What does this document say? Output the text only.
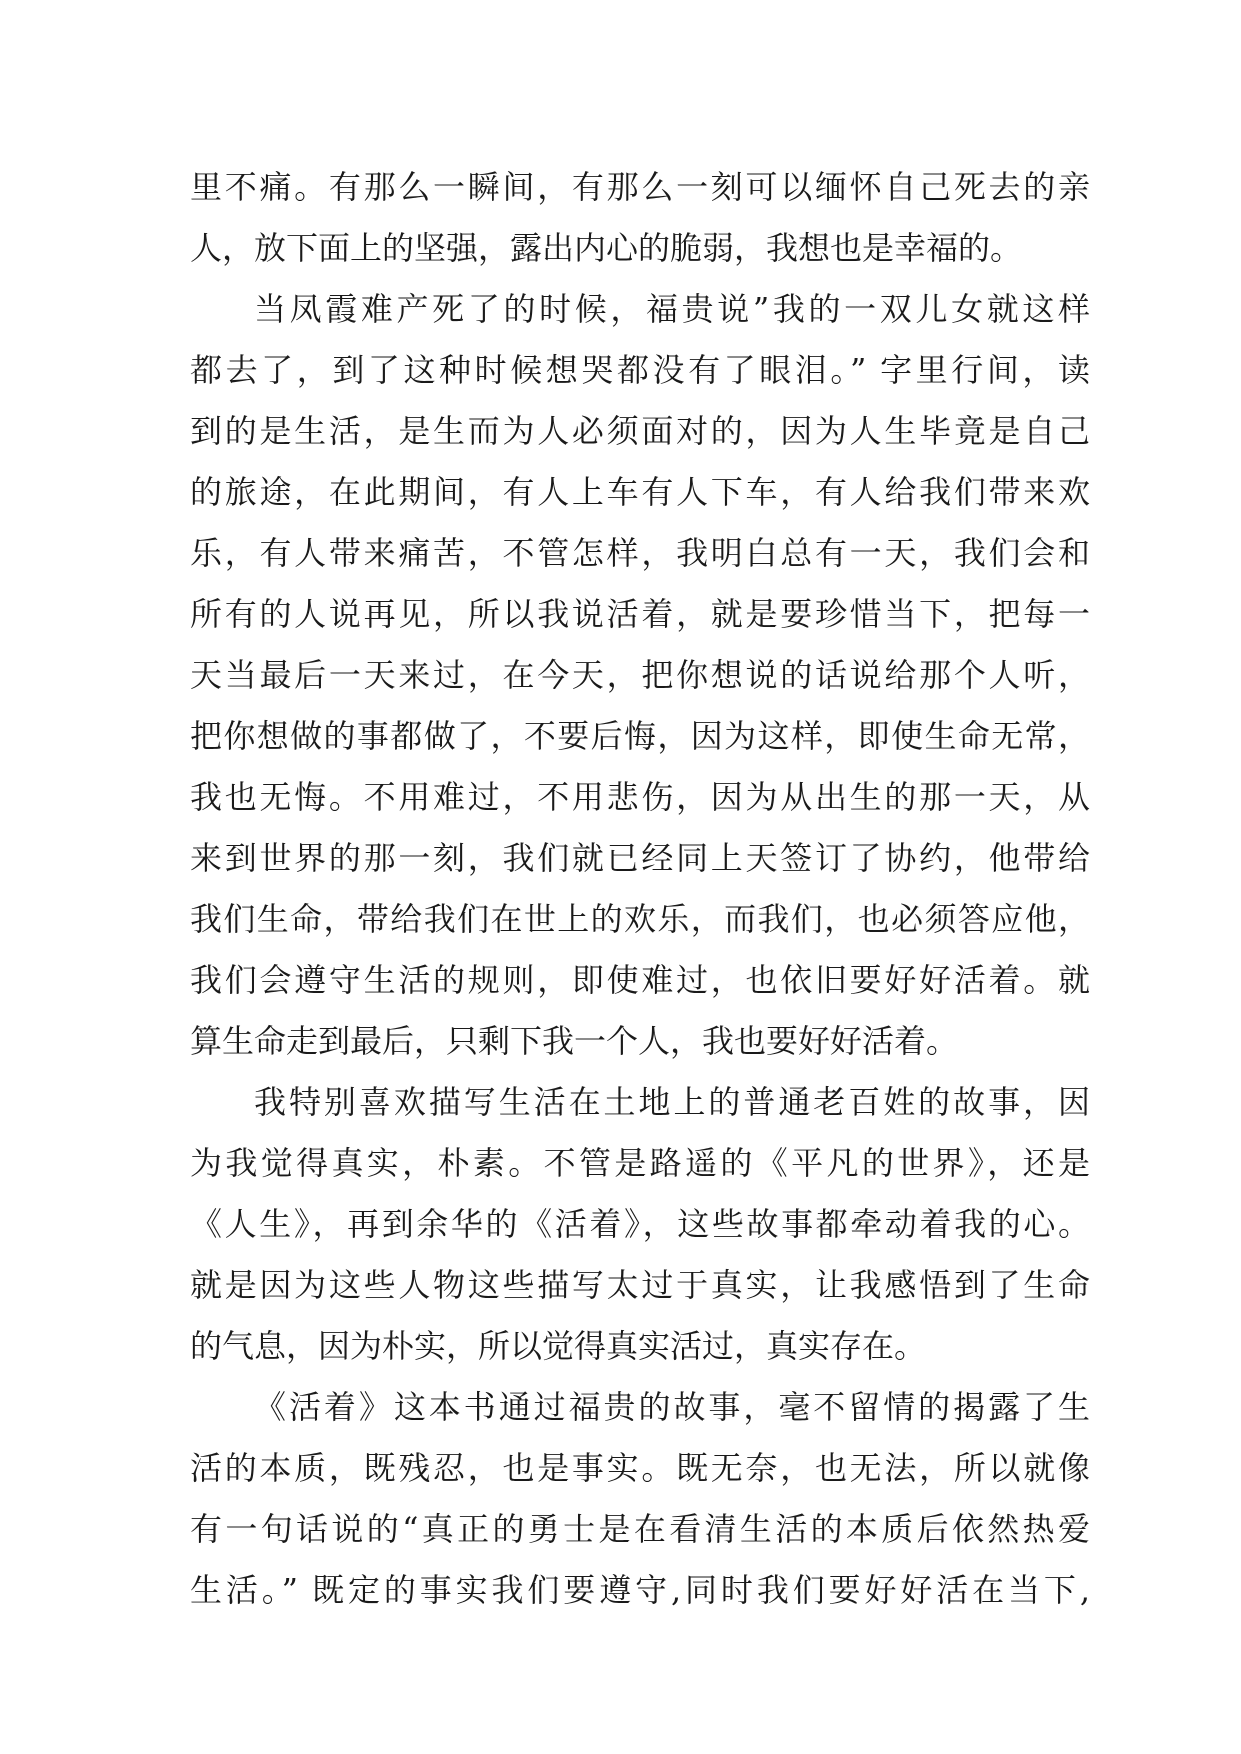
里不痛。有那么一瞬间，有那么一刻可以缅怀自己死去的亲
人，放下面上的坚强，露出内心的脆弱，我想也是幸福的。
当凤霞难产死了的时候，福贵说”我的一双儿女就这样
都去了，到了这种时候想哭都没有了眼泪。” 字里行间，读
到的是生活，是生而为人必须面对的，因为人生毕竟是自己
的旅途，在此期间，有人上车有人下车，有人给我们带来欢
乐，有人带来痛苦，不管怎样，我明白总有一天，我们会和
所有的人说再见，所以我说活着，就是要珍惜当下，把每一
天当最后一天来过，在今天，把你想说的话说给那个人听，
把你想做的事都做了，不要后悔，因为这样，即使生命无常，
我也无悔。不用难过，不用悲伤，因为从出生的那一天，从
来到世界的那一刻，我们就已经同上天签订了协约，他带给
我们生命，带给我们在世上的欢乐，而我们，也必须答应他，
我们会遵守生活的规则，即使难过，也依旧要好好活着。就
算生命走到最后，只剩下我一个人，我也要好好活着。
我特别喜欢描写生活在土地上的普通老百姓的故事，因
为我觉得真实，朴素。不管是路遥的《平凡的世界》，还是
《人生》，再到余华的《活着》，这些故事都牵动着我的心。
就是因为这些人物这些描写太过于真实，让我感悟到了生命
的气息，因为朴实，所以觉得真实活过，真实存在。
《活着》这本书通过福贵的故事，毫不留情的揭露了生
活的本质，既残忍，也是事实。既无奈，也无法，所以就像
有一句话说的“真正的勇士是在看清生活的本质后依然热爱
生活。” 既定的事实我们要遵守,同时我们要好好活在当下,
